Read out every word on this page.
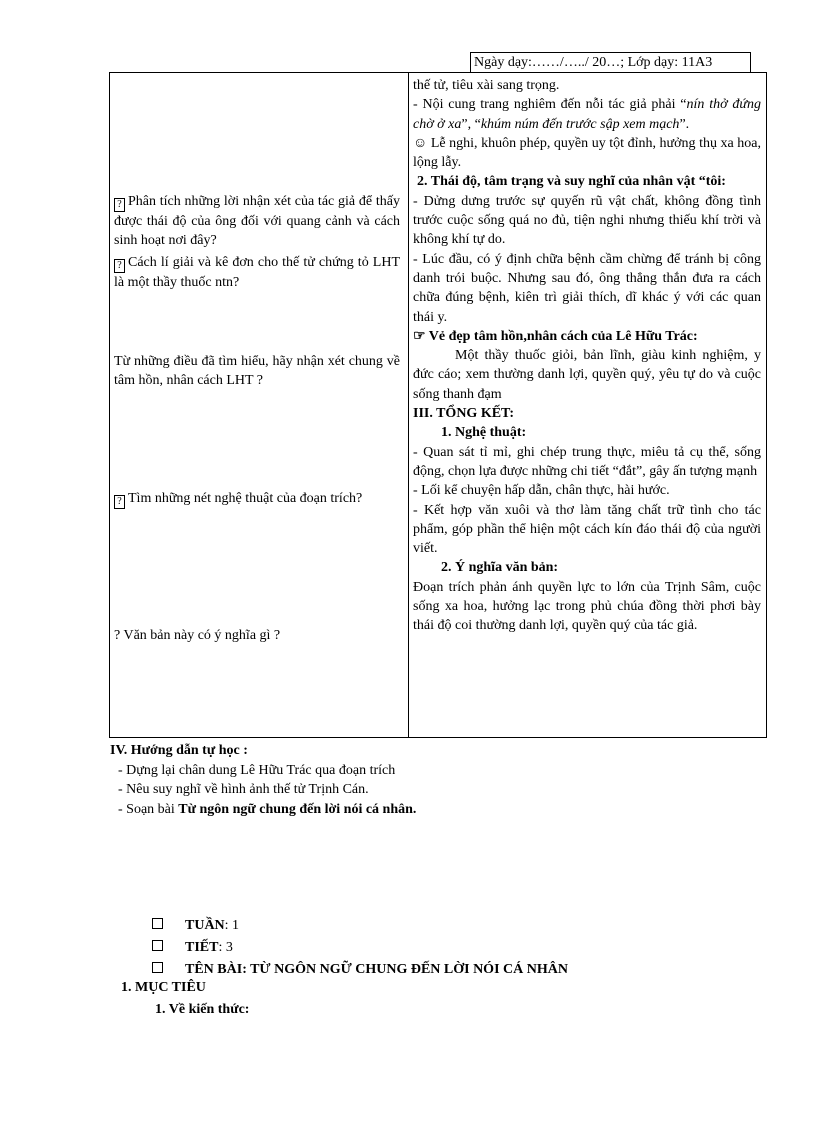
Ngày dạy:……/…../ 20…; Lớp dạy: 11A3
? Phân tích những lời nhận xét của tác giả để thấy được thái độ của ông đối với quang cảnh và cách sinh hoạt nơi đây?
? Cách lí giải và kê đơn cho thế tử chứng tỏ LHT là một thầy thuốc ntn?
Từ những điều đã tìm hiểu, hãy nhận xét chung về tâm hồn, nhân cách LHT ?
? Tìm những nét nghệ thuật của đoạn trích?
? Văn bản này có ý nghĩa gì ?

thế tử, tiêu xài sang trọng.

- Nội cung trang nghiêm đến nỗi tác giả phải “nín thở đứng chờ ở xa”, “khúm núm đến trước sập xem mạch”.

☺ Lễ nghi, khuôn phép, quyền uy tột đỉnh, hưởng thụ xa hoa, lộng lẫy.

2. Thái độ, tâm trạng và suy nghĩ của nhân vật “tôi:

- Dửng dưng trước sự quyến rũ vật chất, không đồng tình trước cuộc sống quá no đủ, tiện nghi nhưng thiếu khí trời và không khí tự do.

- Lúc đầu, có ý định chữa bệnh cầm chừng để tránh bị công danh trói buộc. Nhưng sau đó, ông thẳng thắn đưa ra cách chữa đúng bệnh, kiên trì giải thích, dĩ khác ý với các quan thái y.

☞ Vẻ đẹp tâm hồn,nhân cách của Lê Hữu Trác:

Một thầy thuốc giỏi, bản lĩnh, giàu kinh nghiệm, y đức cáo; xem thường danh lợi, quyền quý, yêu tự do và cuộc sống thanh đạm

III. TỔNG KẾT:

1. Nghệ thuật:

- Quan sát tỉ mỉ, ghi chép trung thực, miêu tả cụ thể, sống động, chọn lựa được những chi tiết “đắt”, gây ấn tượng mạnh

- Lối kể chuyện hấp dẫn, chân thực, hài hước.

- Kết hợp văn xuôi và thơ làm tăng chất trữ tình cho tác phẩm, góp phần thể hiện một cách kín đáo thái độ của người viết.

2. Ý nghĩa văn bản:

Đoạn trích phản ánh quyền lực to lớn của Trịnh Sâm, cuộc sống xa hoa, hưởng lạc trong phủ chúa đồng thời phơi bày thái độ coi thường danh lợi, quyền quý của tác giả.

IV. Hướng dẫn tự học :
- Dựng lại chân dung Lê Hữu Trác qua đoạn trích
- Nêu suy nghĩ về hình ảnh thế tử Trịnh Cán.
- Soạn bài Từ ngôn ngữ chung đến lời nói cá nhân.
TUẦN: 1
TIẾT: 3
TÊN BÀI: TỪ NGÔN NGỮ CHUNG ĐẾN LỜI NÓI CÁ NHÂN
1. MỤC TIÊU
1. Về kiến thức:
